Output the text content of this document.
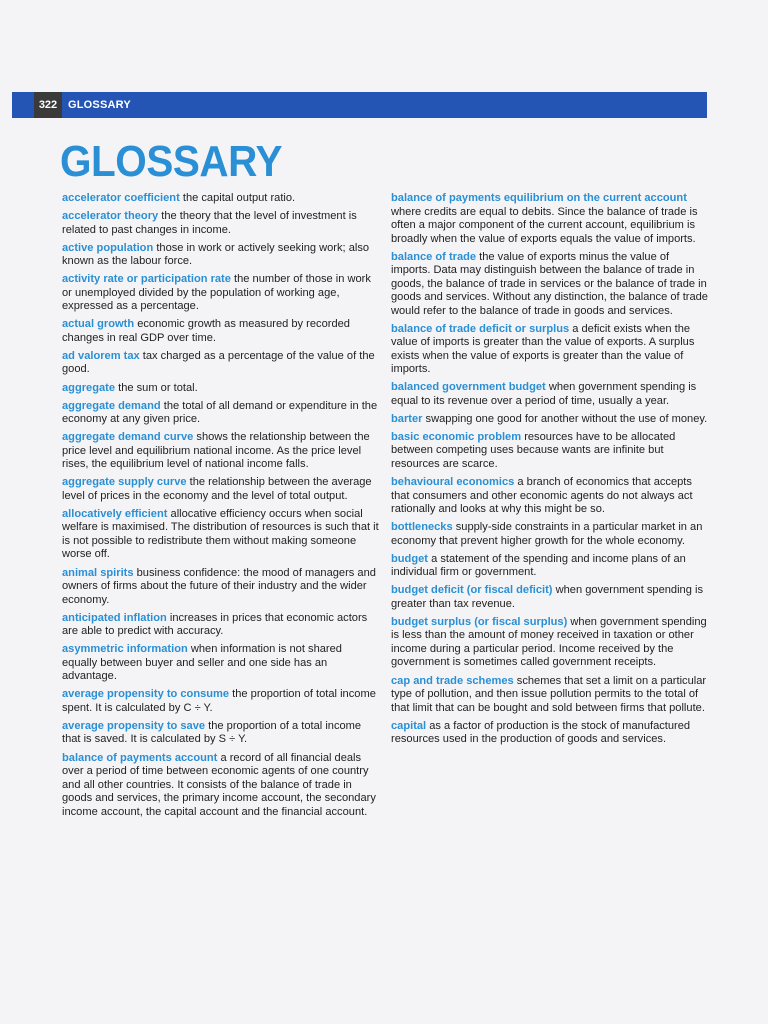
322 GLOSSARY
GLOSSARY

accelerator coefficient the capital output ratio.

accelerator theory the theory that the level of investment is related to past changes in income.

active population those in work or actively seeking work; also known as the labour force.

activity rate or participation rate the number of those in work or unemployed divided by the population of working age, expressed as a percentage.

actual growth economic growth as measured by recorded changes in real GDP over time.

ad valorem tax tax charged as a percentage of the value of the good.

aggregate the sum or total.

aggregate demand the total of all demand or expenditure in the economy at any given price.

aggregate demand curve shows the relationship between the price level and equilibrium national income. As the price level rises, the equilibrium level of national income falls.

aggregate supply curve the relationship between the average level of prices in the economy and the level of total output.

allocatively efficient allocative efficiency occurs when social welfare is maximised. The distribution of resources is such that it is not possible to redistribute them without making someone worse off.

animal spirits business confidence: the mood of managers and owners of firms about the future of their industry and the wider economy.

anticipated inflation increases in prices that economic actors are able to predict with accuracy.

asymmetric information when information is not shared equally between buyer and seller and one side has an advantage.

average propensity to consume the proportion of total income spent. It is calculated by C ÷ Y.

average propensity to save the proportion of a total income that is saved. It is calculated by S ÷ Y.

balance of payments account a record of all financial deals over a period of time between economic agents of one country and all other countries. It consists of the balance of trade in goods and services, the primary income account, the secondary income account, the capital account and the financial account.

balance of payments equilibrium on the current account where credits are equal to debits. Since the balance of trade is often a major component of the current account, equilibrium is broadly when the value of exports equals the value of imports.

balance of trade the value of exports minus the value of imports. Data may distinguish between the balance of trade in goods, the balance of trade in services or the balance of trade in goods and services. Without any distinction, the balance of trade would refer to the balance of trade in goods and services.

balance of trade deficit or surplus a deficit exists when the value of imports is greater than the value of exports. A surplus exists when the value of exports is greater than the value of imports.

balanced government budget when government spending is equal to its revenue over a period of time, usually a year.

barter swapping one good for another without the use of money.

basic economic problem resources have to be allocated between competing uses because wants are infinite but resources are scarce.

behavioural economics a branch of economics that accepts that consumers and other economic agents do not always act rationally and looks at why this might be so.

bottlenecks supply-side constraints in a particular market in an economy that prevent higher growth for the whole economy.

budget a statement of the spending and income plans of an individual firm or government.

budget deficit (or fiscal deficit) when government spending is greater than tax revenue.

budget surplus (or fiscal surplus) when government spending is less than the amount of money received in taxation or other income during a particular period. Income received by the government is sometimes called government receipts.

cap and trade schemes schemes that set a limit on a particular type of pollution, and then issue pollution permits to the total of that limit that can be bought and sold between firms that pollute.

capital as a factor of production is the stock of manufactured resources used in the production of goods and services.
